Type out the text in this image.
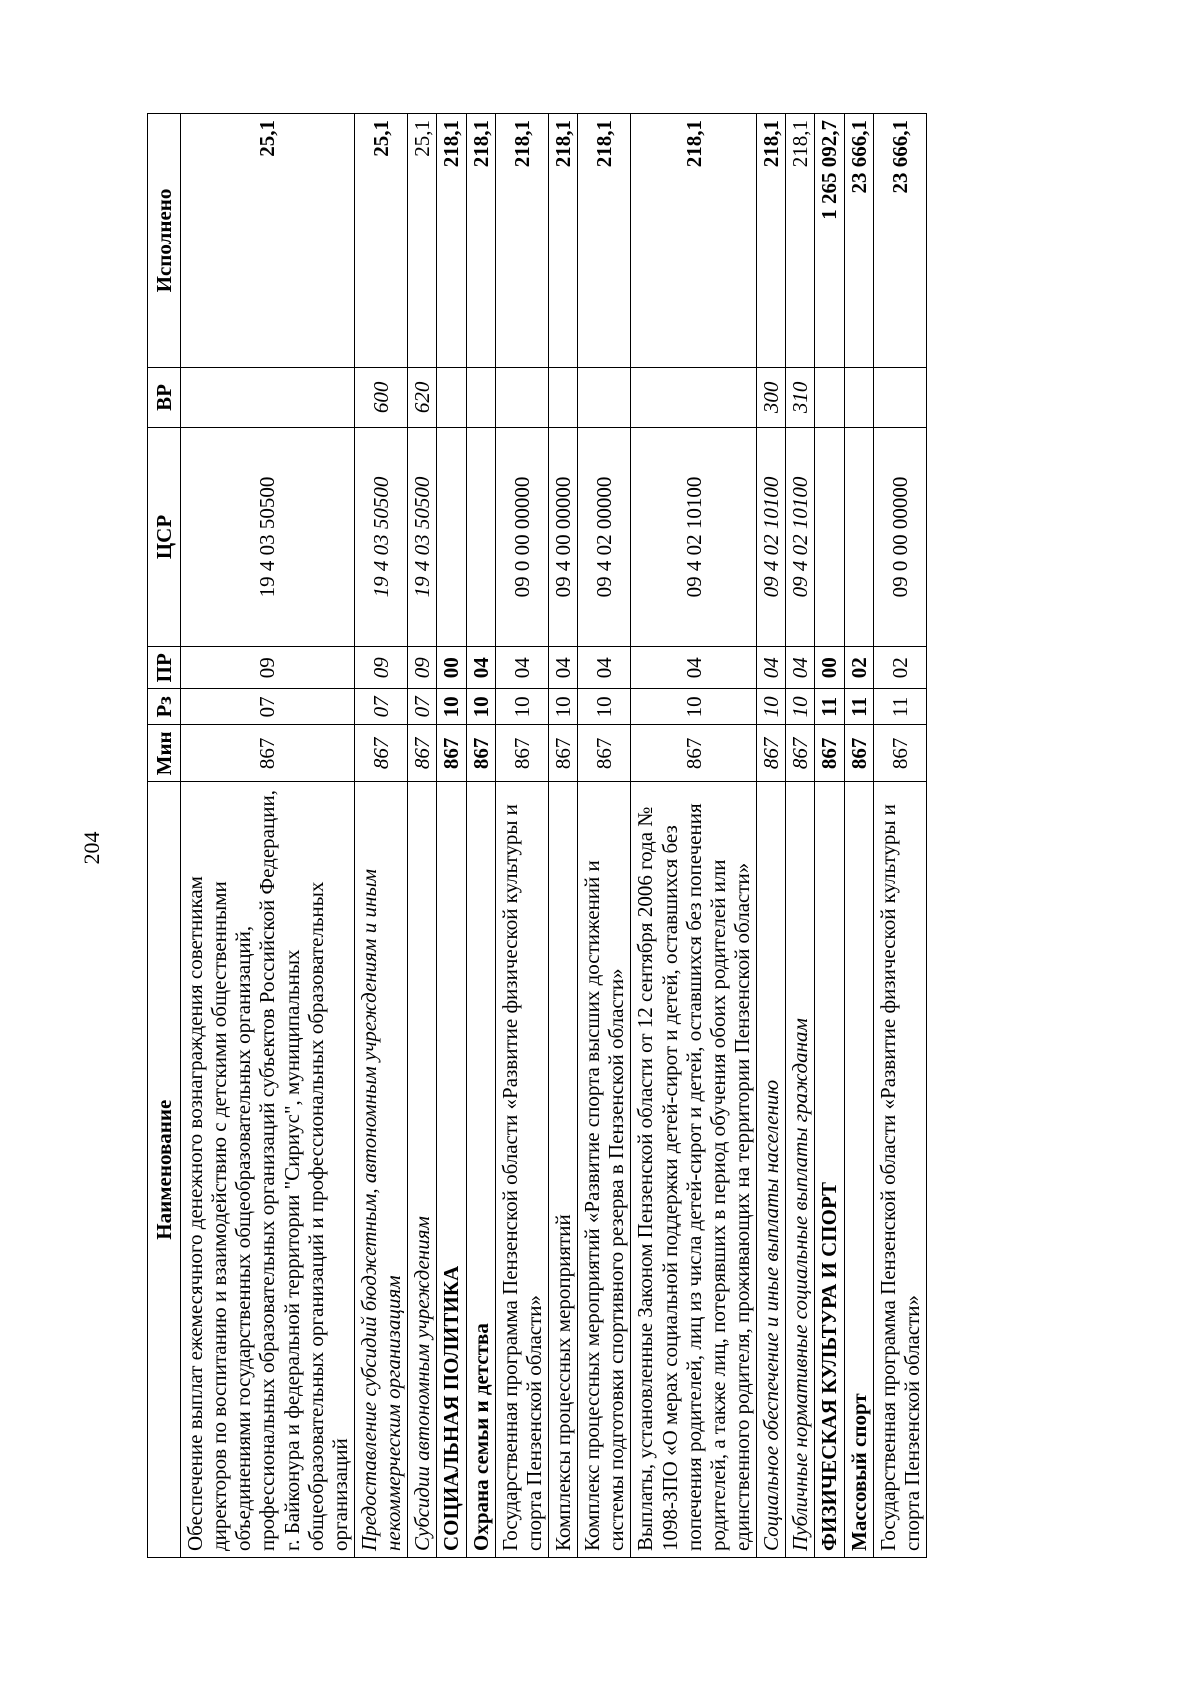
204
Наименование	Мин	Рз	ПР	ЦСР	ВР	Исполнено
Обеспечение выплат ежемесячного денежного вознаграждения советникам директоров по воспитанию и взаимодействию с детскими общественными объединениями государственных общеобразовательных организаций, профессиональных образовательных организаций субъектов Российской Федерации, г. Байконура и федеральной территории "Сириус", муниципальных общеобразовательных организаций и профессиональных образовательных организаций	867	07	09	19 4 03 50500		25,1
Предоставление субсидий бюджетным, автономным учреждениям и иным некоммерческим организациям	867	07	09	19 4 03 50500	600	25,1
Субсидии автономным учреждениям	867	07	09	19 4 03 50500	620	25,1
СОЦИАЛЬНАЯ ПОЛИТИКА	867	10	00			218,1
Охрана семьи и детства	867	10	04			218,1
Государственная программа Пензенской области «Развитие физической культуры и спорта Пензенской области»	867	10	04	09 0 00 00000		218,1
Комплексы процессных мероприятий	867	10	04	09 4 00 00000		218,1
Комплекс процессных мероприятий «Развитие спорта высших достижений и системы подготовки спортивного резерва в Пензенской области»	867	10	04	09 4 02 00000		218,1
Выплаты, установленные Законом Пензенской области от 12 сентября 2006 года № 1098-ЗПО «О мерах социальной поддержки детей-сирот и детей, оставшихся без попечения родителей, лиц из числа детей-сирот и детей, оставшихся без попечения родителей, а также лиц, потерявших в период обучения обоих родителей или единственного родителя, проживающих на территории Пензенской области»	867	10	04	09 4 02 10100		218,1
Социальное обеспечение и иные выплаты населению	867	10	04	09 4 02 10100	300	218,1
Публичные нормативные социальные выплаты гражданам	867	10	04	09 4 02 10100	310	218,1
ФИЗИЧЕСКАЯ КУЛЬТУРА И СПОРТ	867	11	00			1 265 092,7
Массовый спорт	867	11	02			23 666,1
Государственная программа Пензенской области «Развитие физической культуры и спорта Пензенской области»	867	11	02	09 0 00 00000		23 666,1
